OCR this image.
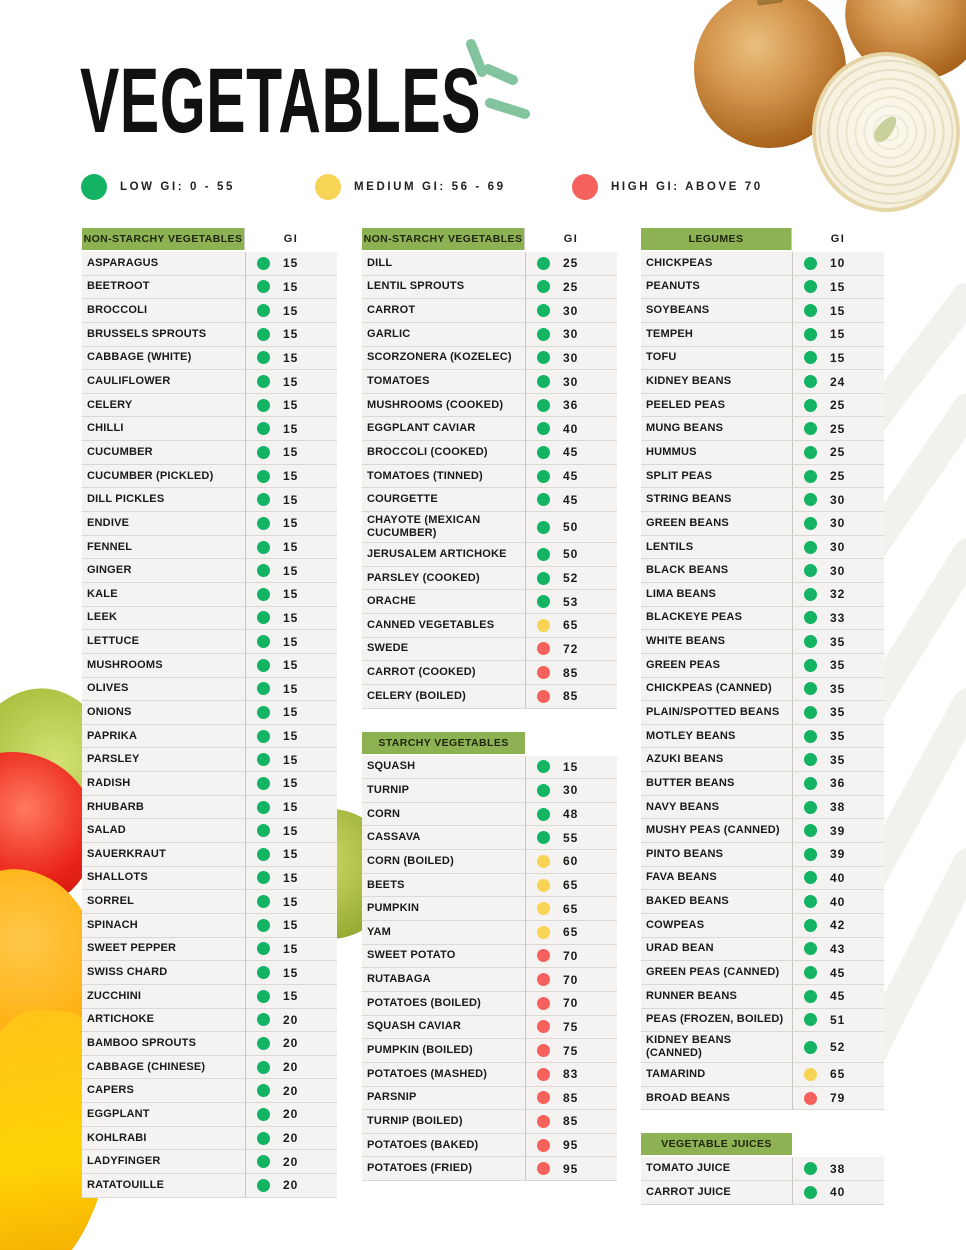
VEGETABLES
LOW GI: 0 - 55	MEDIUM GI: 56 - 69	HIGH GI: ABOVE 70
NON-STARCHY VEGETABLES	GI
ASPARAGUS	15
BEETROOT	15
BROCCOLI	15
BRUSSELS SPROUTS	15
CABBAGE (WHITE)	15
CAULIFLOWER	15
CELERY	15
CHILLI	15
CUCUMBER	15
CUCUMBER (PICKLED)	15
DILL PICKLES	15
ENDIVE	15
FENNEL	15
GINGER	15
KALE	15
LEEK	15
LETTUCE	15
MUSHROOMS	15
OLIVES	15
ONIONS	15
PAPRIKA	15
PARSLEY	15
RADISH	15
RHUBARB	15
SALAD	15
SAUERKRAUT	15
SHALLOTS	15
SORREL	15
SPINACH	15
SWEET PEPPER	15
SWISS CHARD	15
ZUCCHINI	15
ARTICHOKE	20
BAMBOO SPROUTS	20
CABBAGE (CHINESE)	20
CAPERS	20
EGGPLANT	20
KOHLRABI	20
LADYFINGER	20
RATATOUILLE	20
NON-STARCHY VEGETABLES	GI
DILL	25
LENTIL SPROUTS	25
CARROT	30
GARLIC	30
SCORZONERA (KOZELEC)	30
TOMATOES	30
MUSHROOMS (COOKED)	36
EGGPLANT CAVIAR	40
BROCCOLI (COOKED)	45
TOMATOES (TINNED)	45
COURGETTE	45
CHAYOTE (MEXICAN CUCUMBER)	50
JERUSALEM ARTICHOKE	50
PARSLEY (COOKED)	52
ORACHE	53
CANNED VEGETABLES	65
SWEDE	72
CARROT (COOKED)	85
CELERY (BOILED)	85
STARCHY VEGETABLES
SQUASH	15
TURNIP	30
CORN	48
CASSAVA	55
CORN (BOILED)	60
BEETS	65
PUMPKIN	65
YAM	65
SWEET POTATO	70
RUTABAGA	70
POTATOES (BOILED)	70
SQUASH CAVIAR	75
PUMPKIN (BOILED)	75
POTATOES (MASHED)	83
PARSNIP	85
TURNIP (BOILED)	85
POTATOES (BAKED)	95
POTATOES (FRIED)	95
LEGUMES	GI
CHICKPEAS	10
PEANUTS	15
SOYBEANS	15
TEMPEH	15
TOFU	15
KIDNEY BEANS	24
PEELED PEAS	25
MUNG BEANS	25
HUMMUS	25
SPLIT PEAS	25
STRING BEANS	30
GREEN BEANS	30
LENTILS	30
BLACK BEANS	30
LIMA BEANS	32
BLACKEYE PEAS	33
WHITE BEANS	35
GREEN PEAS	35
CHICKPEAS (CANNED)	35
PLAIN/SPOTTED BEANS	35
MOTLEY BEANS	35
AZUKI BEANS	35
BUTTER BEANS	36
NAVY BEANS	38
MUSHY PEAS (CANNED)	39
PINTO BEANS	39
FAVA BEANS	40
BAKED BEANS	40
COWPEAS	42
URAD BEAN	43
GREEN PEAS (CANNED)	45
RUNNER BEANS	45
PEAS (FROZEN, BOILED)	51
KIDNEY BEANS (CANNED)	52
TAMARIND	65
BROAD BEANS	79
VEGETABLE JUICES
TOMATO JUICE	38
CARROT JUICE	40
